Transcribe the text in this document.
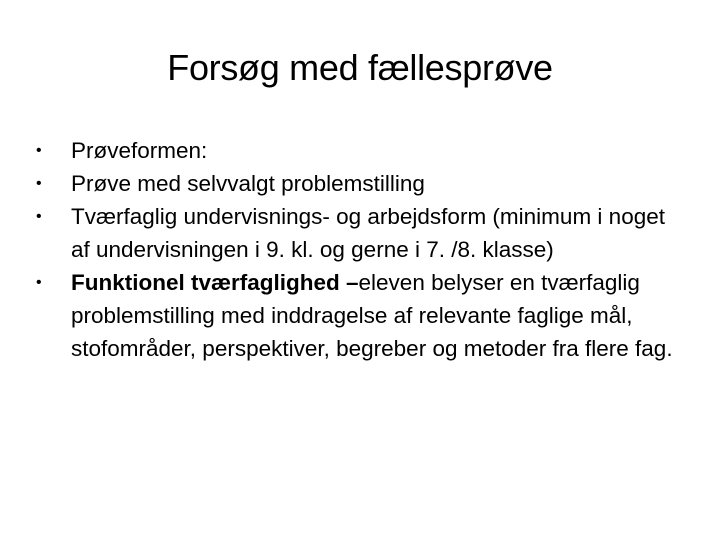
Forsøg med fællesprøve
•	Prøveformen:
•	Prøve med selvvalgt problemstilling
•	Tværfaglig undervisnings- og arbejdsform (minimum i noget af undervisningen i 9. kl. og gerne i 7. /8. klasse)
•	Funktionel tværfaglighed –eleven belyser en tværfaglig problemstilling med inddragelse af relevante faglige mål, stofområder, perspektiver, begreber og metoder fra flere fag.
